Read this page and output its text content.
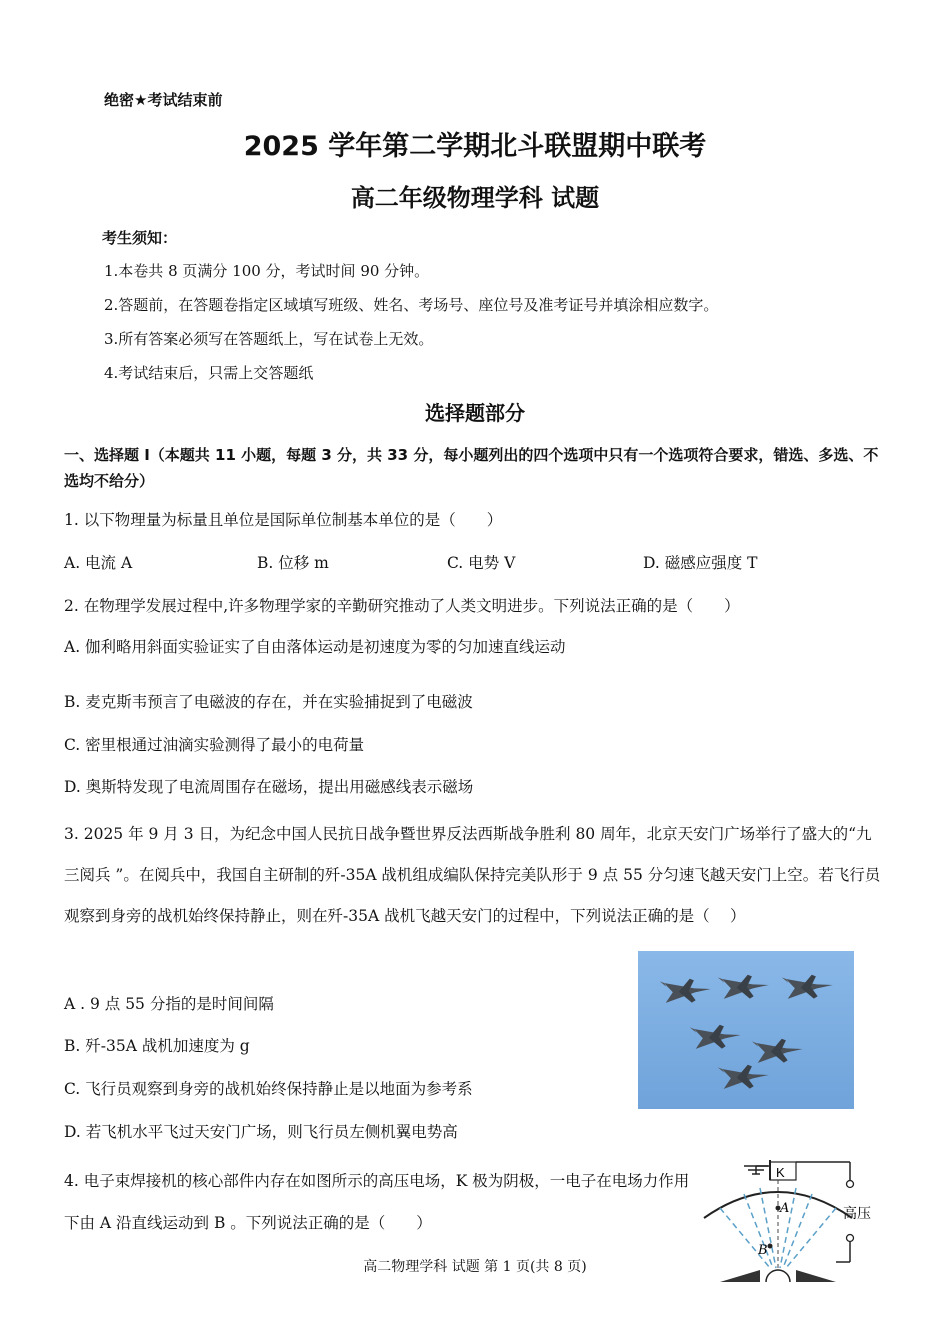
绝密★考试结束前
2025 学年第二学期北斗联盟期中联考
高二年级物理学科 试题
考生须知：
1.本卷共 8 页满分 100 分，考试时间 90 分钟。
2.答题前，在答题卷指定区域填写班级、姓名、考场号、座位号及准考证号并填涂相应数字。
3.所有答案必须写在答题纸上，写在试卷上无效。
4.考试结束后，只需上交答题纸
选择题部分
一、选择题 Ⅰ（本题共 11 小题，每题 3 分，共 33 分，每小题列出的四个选项中只有一个选项符合要求，错选、多选、不选均不给分）
1. 以下物理量为标量且单位是国际单位制基本单位的是（　　）
A. 电流 A	B. 位移 m	C. 电势 V	D. 磁感应强度 T
2. 在物理学发展过程中,许多物理学家的辛勤研究推动了人类文明进步。下列说法正确的是（　　）
A. 伽利略用斜面实验证实了自由落体运动是初速度为零的匀加速直线运动
B. 麦克斯韦预言了电磁波的存在，并在实验捕捉到了电磁波
C. 密里根通过油滴实验测得了最小的电荷量
D. 奥斯特发现了电流周围存在磁场，提出用磁感线表示磁场
3. 2025 年 9 月 3 日，为纪念中国人民抗日战争暨世界反法西斯战争胜利 80 周年，北京天安门广场举行了盛大的“九三阅兵 ”。在阅兵中，我国自主研制的歼-35A 战机组成编队保持完美队形于 9 点 55 分匀速飞越天安门上空。若飞行员观察到身旁的战机始终保持静止，则在歼-35A 战机飞越天安门的过程中，下列说法正确的是（　 ）
A . 9 点 55 分指的是时间间隔
B. 歼-35A 战机加速度为 g
C. 飞行员观察到身旁的战机始终保持静止是以地面为参考系
D. 若飞机水平飞过天安门广场，则飞行员左侧机翼电势高
4. 电子束焊接机的核心部件内存在如图所示的高压电场，K 极为阴极，一电子在电场力作用下由 A 沿直线运动到 B 。下列说法正确的是（　　）
K
高压
A
B
高二物理学科 试题 第 1 页(共 8 页)
